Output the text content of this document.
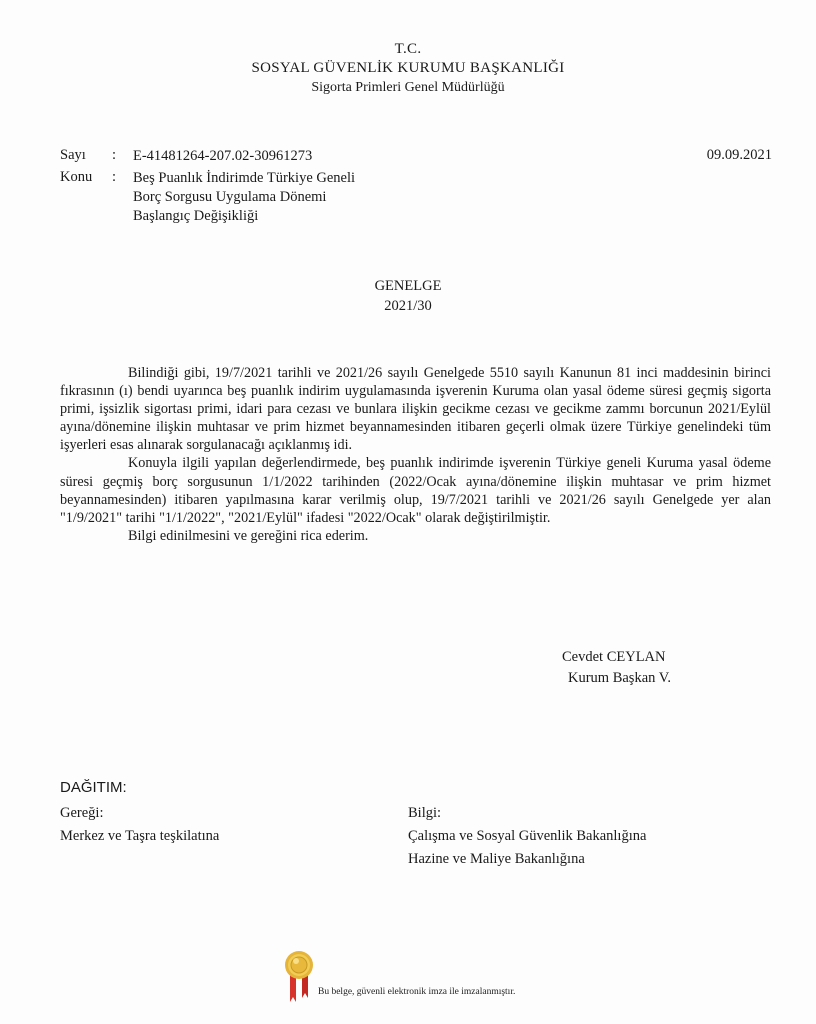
T.C.
SOSYAL GÜVENLİK KURUMU BAŞKANLIĞI
Sigorta Primleri Genel Müdürlüğü
Sayı : E-41481264-207.02-30961273
Konu : Beş Puanlık İndirimde Türkiye Geneli
Borç Sorgusu Uygulama Dönemi
Başlangıç Değişikliği
09.09.2021
GENELGE
2021/30

Bilindiği gibi, 19/7/2021 tarihli ve 2021/26 sayılı Genelgede 5510 sayılı Kanunun 81 inci maddesinin birinci fıkrasının (ı) bendi uyarınca beş puanlık indirim uygulamasında işverenin Kuruma olan yasal ödeme süresi geçmiş sigorta primi, işsizlik sigortası primi, idari para cezası ve bunlara ilişkin gecikme cezası ve gecikme zammı borcunun 2021/Eylül ayına/dönemine ilişkin muhtasar ve prim hizmet beyannamesinden itibaren geçerli olmak üzere Türkiye genelindeki tüm işyerleri esas alınarak sorgulanacağı açıklanmış idi.

Konuyla ilgili yapılan değerlendirmede, beş puanlık indirimde işverenin Türkiye geneli Kuruma yasal ödeme süresi geçmiş borç sorgusunun 1/1/2022 tarihinden (2022/Ocak ayına/dönemine ilişkin muhtasar ve prim hizmet beyannamesinden) itibaren yapılmasına karar verilmiş olup, 19/7/2021 tarihli ve 2021/26 sayılı Genelgede yer alan "1/9/2021" tarihi "1/1/2022", "2021/Eylül" ifadesi "2022/Ocak" olarak değiştirilmiştir.

Bilgi edinilmesini ve gereğini rica ederim.

Cevdet CEYLAN
Kurum Başkan V.
DAĞITIM:
Gereği:
Merkez ve Taşra teşkilatına
Bilgi:
Çalışma ve Sosyal Güvenlik Bakanlığına
Hazine ve Maliye Bakanlığına
Bu belge, güvenli elektronik imza ile imzalanmıştır.
